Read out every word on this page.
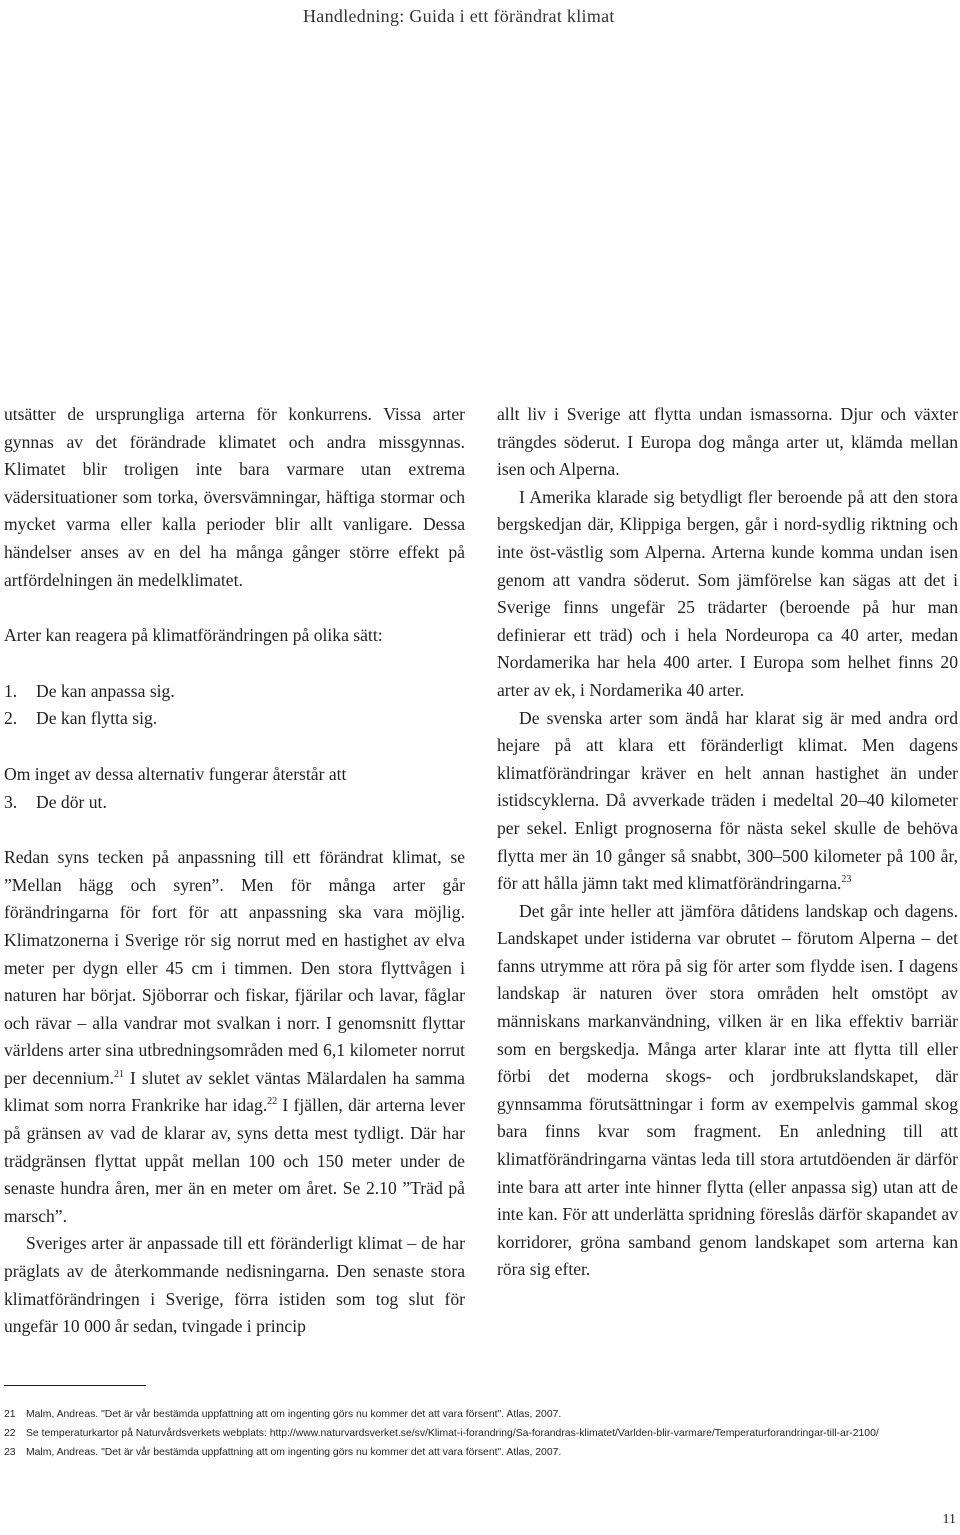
Handledning: Guida i ett förändrat klimat

utsätter de ursprungliga arterna för konkurrens. Vissa arter gynnas av det förändrade klimatet och andra missgynnas. Klimatet blir troligen inte bara varmare utan extrema vädersituationer som torka, översvämningar, häftiga stormar och mycket varma eller kalla perioder blir allt vanligare. Dessa händelser anses av en del ha många gånger större effekt på artfördelningen än medelklimatet.

Arter kan reagera på klimatförändringen på olika sätt:

1. De kan anpassa sig.
2. De kan flytta sig.

Om inget av dessa alternativ fungerar återstår att

3. De dör ut.

Redan syns tecken på anpassning till ett förändrat klimat, se ”Mellan hägg och syren”. Men för många arter går förändringarna för fort för att anpassning ska vara möjlig. Klimatzonerna i Sverige rör sig norrut med en hastighet av elva meter per dygn eller 45 cm i timmen. Den stora flyttvågen i naturen har börjat. Sjöborrar och fiskar, fjärilar och lavar, fåglar och rävar – alla vandrar mot svalkan i norr. I genomsnitt flyttar världens arter sina utbredningsområden med 6,1 kilometer norrut per decennium.$^{21}$ I slutet av seklet väntas Mälardalen ha samma klimat som norra Frankrike har idag.$^{22}$ I fjällen, där arterna lever på gränsen av vad de klarar av, syns detta mest tydligt. Där har trädgränsen flyttat uppåt mellan 100 och 150 meter under de senaste hundra åren, mer än en meter om året. Se 2.10 ”Träd på marsch”.

Sveriges arter är anpassade till ett föränderligt klimat – de har präglats av de återkommande nedisningarna. Den senaste stora klimatförändringen i Sverige, förra istiden som tog slut för ungefär 10 000 år sedan, tvingade i princip

allt liv i Sverige att flytta undan ismassorna. Djur och växter trängdes söderut. I Europa dog många arter ut, klämda mellan isen och Alperna.

I Amerika klarade sig betydligt fler beroende på att den stora bergskedjan där, Klippiga bergen, går i nord-sydlig riktning och inte öst-västlig som Alperna. Arterna kunde komma undan isen genom att vandra söderut. Som jämförelse kan sägas att det i Sverige finns ungefär 25 trädarter (beroende på hur man definierar ett träd) och i hela Nordeuropa ca 40 arter, medan Nordamerika har hela 400 arter. I Europa som helhet finns 20 arter av ek, i Nordamerika 40 arter.

De svenska arter som ändå har klarat sig är med andra ord hejare på att klara ett föränderligt klimat. Men dagens klimatförändringar kräver en helt annan hastighet än under istidscyklerna. Då avverkade träden i medeltal 20–40 kilometer per sekel. Enligt prognoserna för nästa sekel skulle de behöva flytta mer än 10 gånger så snabbt, 300–500 kilometer på 100 år, för att hålla jämn takt med klimatförändringarna.$^{23}$

Det går inte heller att jämföra dåtidens landskap och dagens. Landskapet under istiderna var obrutet – förutom Alperna – det fanns utrymme att röra på sig för arter som flydde isen. I dagens landskap är naturen över stora områden helt omstöpt av människans markanvändning, vilken är en lika effektiv barriär som en bergskedja. Många arter klarar inte att flytta till eller förbi det moderna skogs- och jordbrukslandskapet, där gynnsamma förutsättningar i form av exempelvis gammal skog bara finns kvar som fragment. En anledning till att klimatförändringarna väntas leda till stora artutdöenden är därför inte bara att arter inte hinner flytta (eller anpassa sig) utan att de inte kan. För att underlätta spridning föreslås därför skapandet av korridorer, gröna samband genom landskapet som arterna kan röra sig efter.

21 Malm, Andreas. "Det är vår bestämda uppfattning att om ingenting görs nu kommer det att vara försent". Atlas, 2007.
22 Se temperaturkartor på Naturvårdsverkets webplats: http://www.naturvardsverket.se/sv/Klimat-i-forandring/Sa-forandras-klimatet/Varlden-blir-varmare/Temperaturforandringar-till-ar-2100/
23 Malm, Andreas. "Det är vår bestämda uppfattning att om ingenting görs nu kommer det att vara försent". Atlas, 2007.
11
